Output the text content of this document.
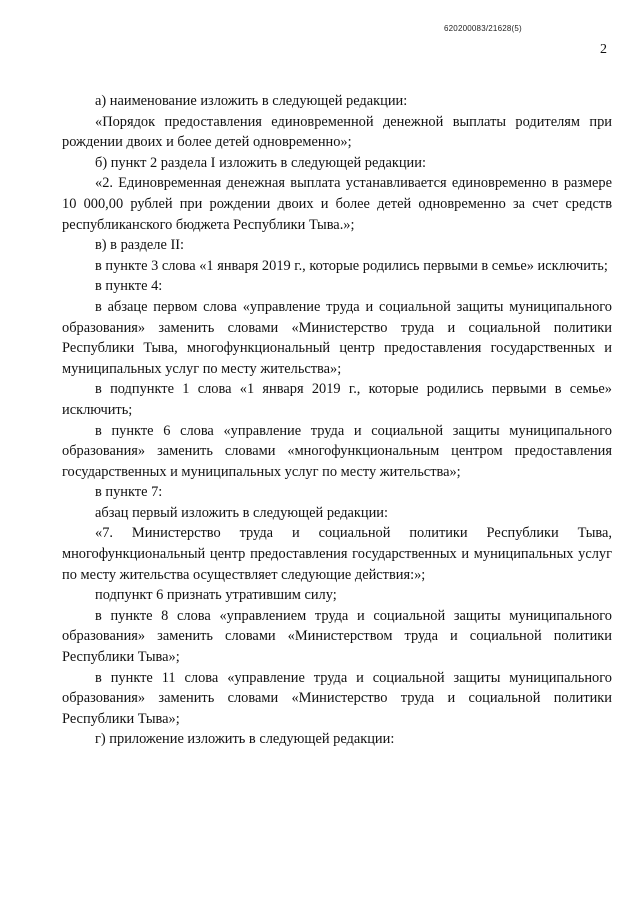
620200083/21628(5)
2

а) наименование изложить в следующей редакции:

«Порядок предоставления единовременной денежной выплаты родителям при рождении двоих и более детей одновременно»;

б) пункт 2 раздела I изложить в следующей редакции:

«2. Единовременная денежная выплата устанавливается единовременно в размере 10 000,00 рублей при рождении двоих и более детей одновременно за счет средств республиканского бюджета Республики Тыва.»;

в) в разделе II:

в пункте 3 слова «1 января 2019 г., которые родились первыми в семье» исключить;

в пункте 4:

в абзаце первом слова «управление труда и социальной защиты муниципального образования» заменить словами «Министерство труда и социальной политики Республики Тыва, многофункциональный центр предоставления государственных и муниципальных услуг по месту жительства»;

в подпункте 1 слова «1 января 2019 г., которые родились первыми в семье» исключить;

в пункте 6 слова «управление труда и социальной защиты муниципального образования» заменить словами «многофункциональным центром предоставления государственных и муниципальных услуг по месту жительства»;

в пункте 7:

абзац первый изложить в следующей редакции:

«7. Министерство труда и социальной политики Республики Тыва, многофункциональный центр предоставления государственных и муниципальных услуг по месту жительства осуществляет следующие действия:»;

подпункт 6 признать утратившим силу;

в пункте 8 слова «управлением труда и социальной защиты муниципального образования» заменить словами «Министерством труда и социальной политики Республики Тыва»;

в пункте 11 слова «управление труда и социальной защиты муниципального образования» заменить словами «Министерство труда и социальной политики Республики Тыва»;

г) приложение изложить в следующей редакции:
